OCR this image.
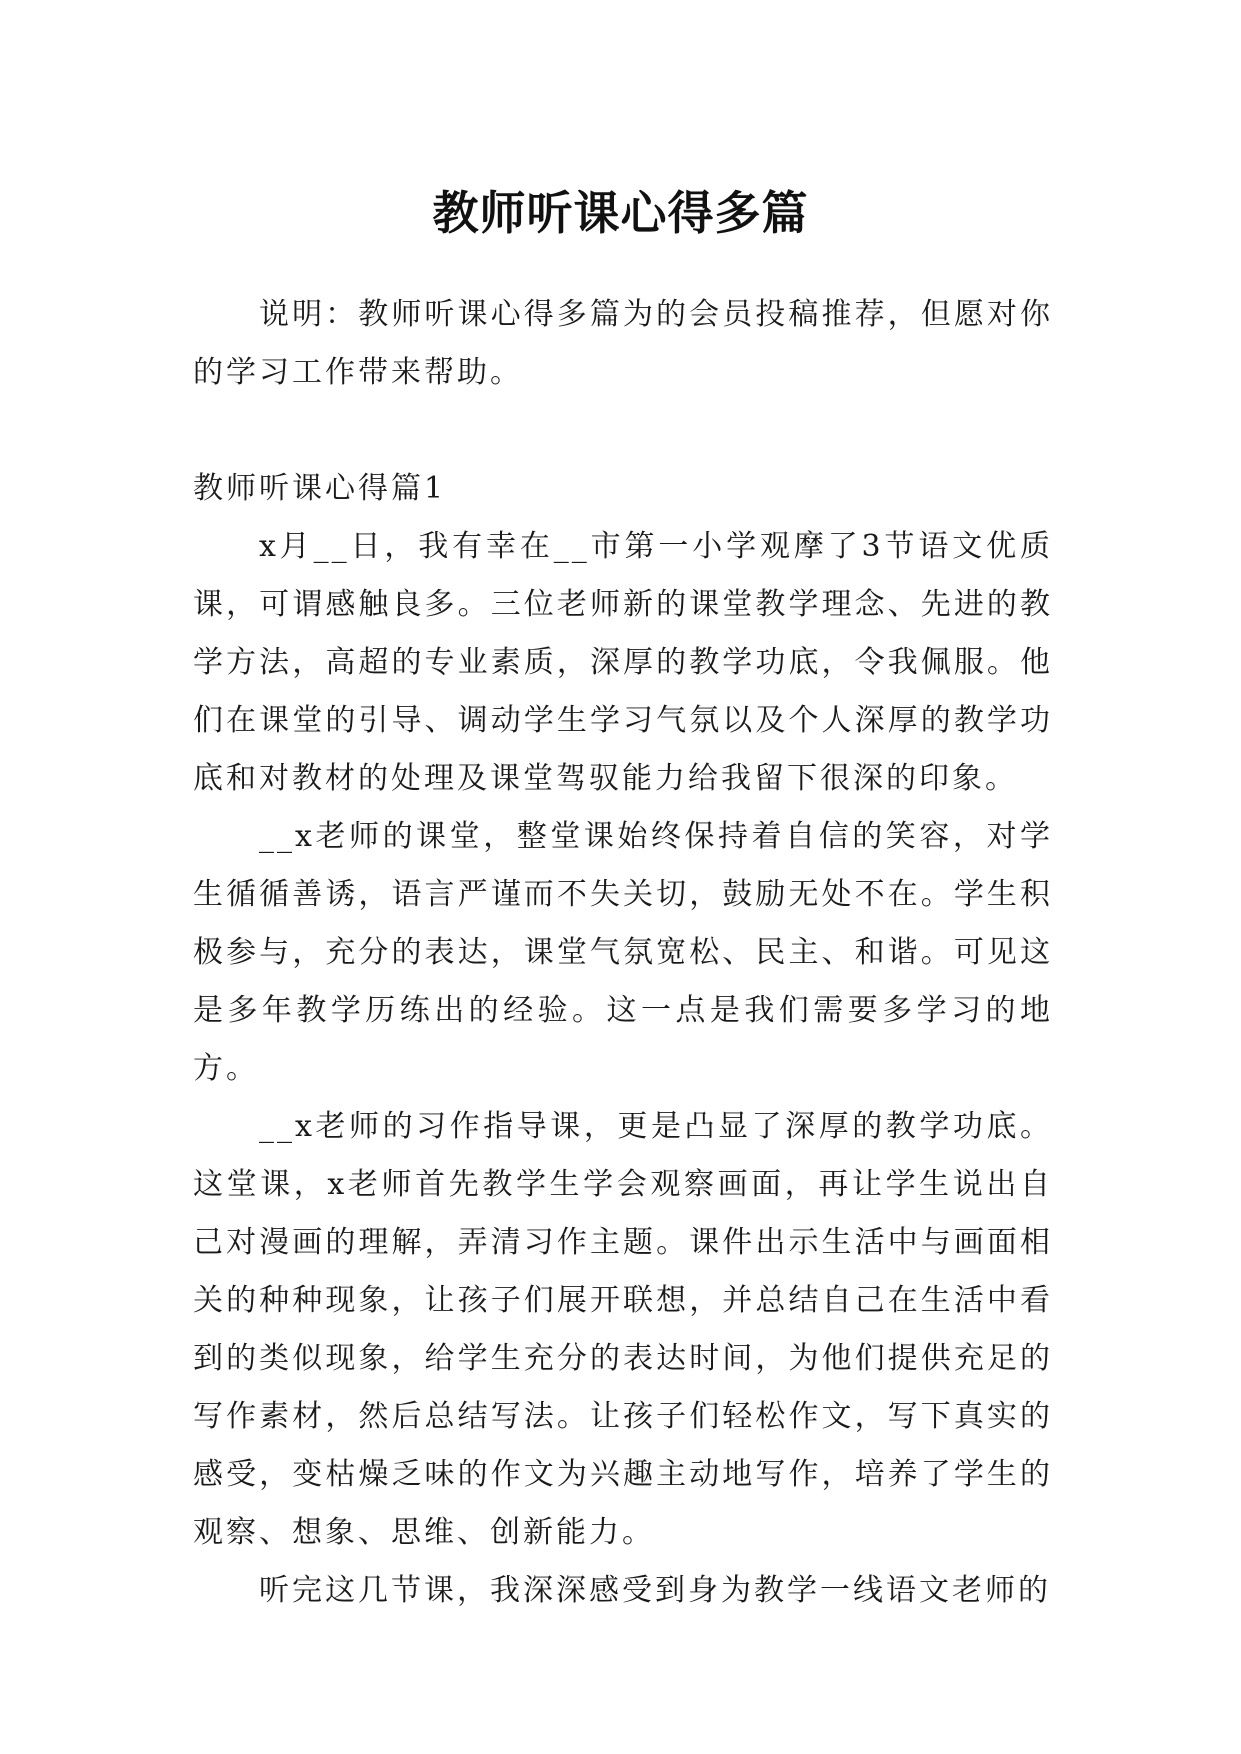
教师听课心得多篇

说明：教师听课心得多篇为的会员投稿推荐，但愿对你的学习工作带来帮助。

教师听课心得篇1

x月__日，我有幸在__市第一小学观摩了3节语文优质课，可谓感触良多。三位老师新的课堂教学理念、先进的教学方法，高超的专业素质，深厚的教学功底，令我佩服。他们在课堂的引导、调动学生学习气氛以及个人深厚的教学功底和对教材的处理及课堂驾驭能力给我留下很深的印象。

__x老师的课堂，整堂课始终保持着自信的笑容，对学生循循善诱，语言严谨而不失关切，鼓励无处不在。学生积极参与，充分的表达，课堂气氛宽松、民主、和谐。可见这是多年教学历练出的经验。这一点是我们需要多学习的地方。

__x老师的习作指导课，更是凸显了深厚的教学功底。这堂课，x老师首先教学生学会观察画面，再让学生说出自己对漫画的理解，弄清习作主题。课件出示生活中与画面相关的种种现象，让孩子们展开联想，并总结自己在生活中看到的类似现象，给学生充分的表达时间，为他们提供充足的写作素材，然后总结写法。让孩子们轻松作文，写下真实的感受，变枯燥乏味的作文为兴趣主动地写作，培养了学生的观察、想象、思维、创新能力。

听完这几节课，我深深感受到身为教学一线语文老师的
